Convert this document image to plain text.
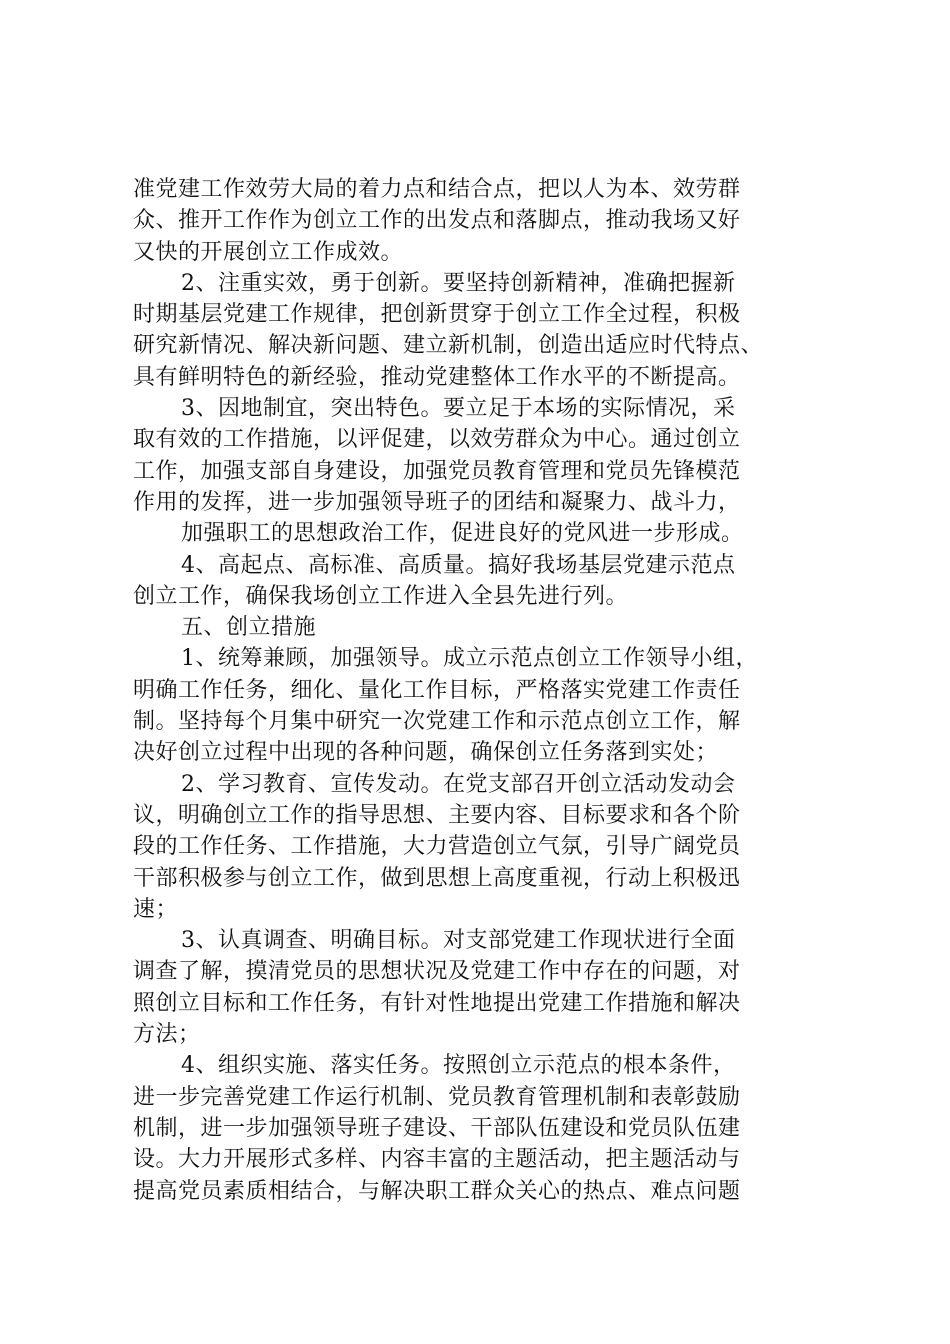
准党建工作效劳大局的着力点和结合点，把以人为本、效劳群
众、推开工作作为创立工作的出发点和落脚点，推动我场又好
又快的开展创立工作成效。
2、注重实效，勇于创新。要坚持创新精神，准确把握新
时期基层党建工作规律，把创新贯穿于创立工作全过程，积极
研究新情况、解决新问题、建立新机制，创造出适应时代特点、
具有鲜明特色的新经验，推动党建整体工作水平的不断提高。
3、因地制宜，突出特色。要立足于本场的实际情况，采
取有效的工作措施，以评促建，以效劳群众为中心。通过创立
工作，加强支部自身建设，加强党员教育管理和党员先锋模范
作用的发挥，进一步加强领导班子的团结和凝聚力、战斗力，
加强职工的思想政治工作，促进良好的党风进一步形成。
4、高起点、高标准、高质量。搞好我场基层党建示范点
创立工作，确保我场创立工作进入全县先进行列。
五、创立措施
1、统筹兼顾，加强领导。成立示范点创立工作领导小组，
明确工作任务，细化、量化工作目标，严格落实党建工作责任
制。坚持每个月集中研究一次党建工作和示范点创立工作，解
决好创立过程中出现的各种问题，确保创立任务落到实处；
2、学习教育、宣传发动。在党支部召开创立活动发动会
议，明确创立工作的指导思想、主要内容、目标要求和各个阶
段的工作任务、工作措施，大力营造创立气氛，引导广阔党员
干部积极参与创立工作，做到思想上高度重视，行动上积极迅
速；
3、认真调查、明确目标。对支部党建工作现状进行全面
调查了解，摸清党员的思想状况及党建工作中存在的问题，对
照创立目标和工作任务，有针对性地提出党建工作措施和解决
方法；
4、组织实施、落实任务。按照创立示范点的根本条件，
进一步完善党建工作运行机制、党员教育管理机制和表彰鼓励
机制，进一步加强领导班子建设、干部队伍建设和党员队伍建
设。大力开展形式多样、内容丰富的主题活动，把主题活动与
提高党员素质相结合，与解决职工群众关心的热点、难点问题
